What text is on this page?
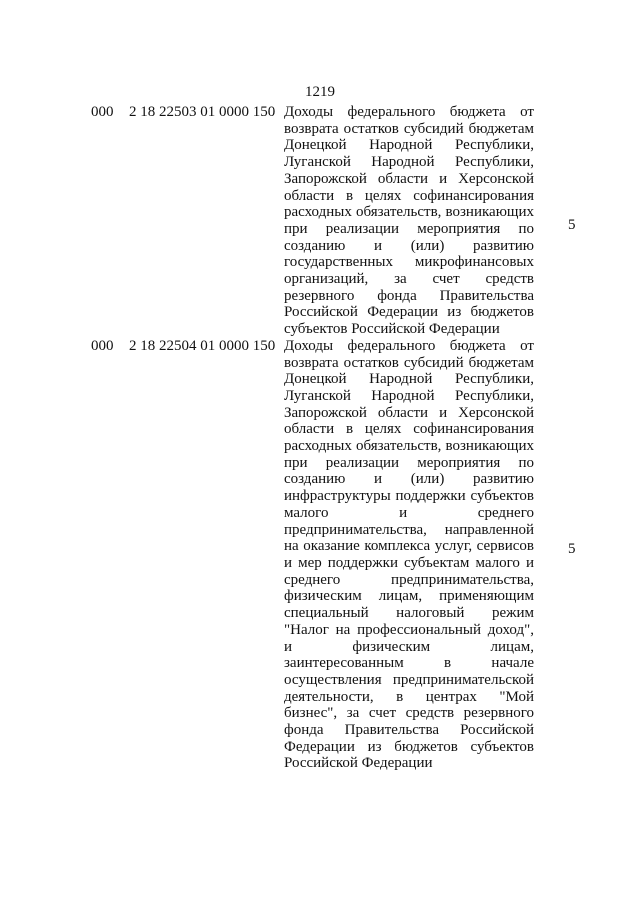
1219
000 2 18 22503 01 0000 150 Доходы федерального бюджета от возврата остатков субсидий бюджетам Донецкой Народной Республики, Луганской Народной Республики, Запорожской области и Херсонской области в целях софинансирования расходных обязательств, возникающих при реализации мероприятия по созданию и (или) развитию государственных микрофинансовых организаций, за счет средств резервного фонда Правительства Российской Федерации из бюджетов субъектов Российской Федерации
5
000 2 18 22504 01 0000 150 Доходы федерального бюджета от возврата остатков субсидий бюджетам Донецкой Народной Республики, Луганской Народной Республики, Запорожской области и Херсонской области в целях софинансирования расходных обязательств, возникающих при реализации мероприятия по созданию и (или) развитию инфраструктуры поддержки субъектов малого и среднего предпринимательства, направленной на оказание комплекса услуг, сервисов и мер поддержки субъектам малого и среднего предпринимательства, физическим лицам, применяющим специальный налоговый режим "Налог на профессиональный доход", и физическим лицам, заинтересованным в начале осуществления предпринимательской деятельности, в центрах "Мой бизнес", за счет средств резервного фонда Правительства Российской Федерации из бюджетов субъектов Российской Федерации
5
